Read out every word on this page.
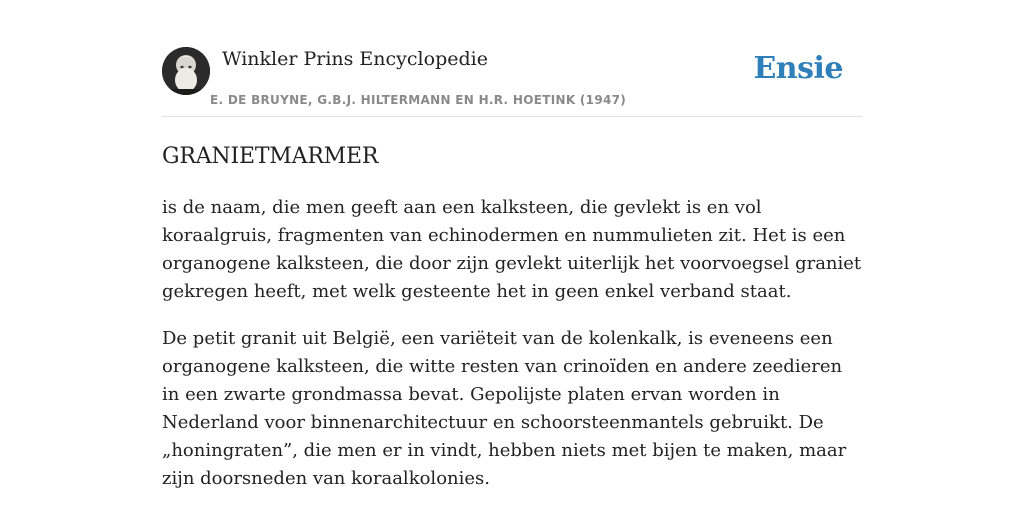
Winkler Prins Encyclopedie
E. DE BRUYNE, G.B.J. HILTERMANN EN H.R. HOETINK (1947)
Ensie
GRANIETMARMER

is de naam, die men geeft aan een kalksteen, die gevlekt is en vol koraalgruis, fragmenten van echinodermen en nummulieten zit. Het is een organogene kalksteen, die door zijn gevlekt uiterlijk het voorvoegsel graniet gekregen heeft, met welk gesteente het in geen enkel verband staat.

De petit granit uit België, een variëteit van de kolenkalk, is eveneens een organogene kalksteen, die witte resten van crinoïden en andere zeedieren in een zwarte grondmassa bevat. Gepolijste platen ervan worden in Nederland voor binnenarchitectuur en schoorsteenmantels gebruikt. De „honingraten”, die men er in vindt, hebben niets met bijen te maken, maar zijn doorsneden van koraalkolonies.
